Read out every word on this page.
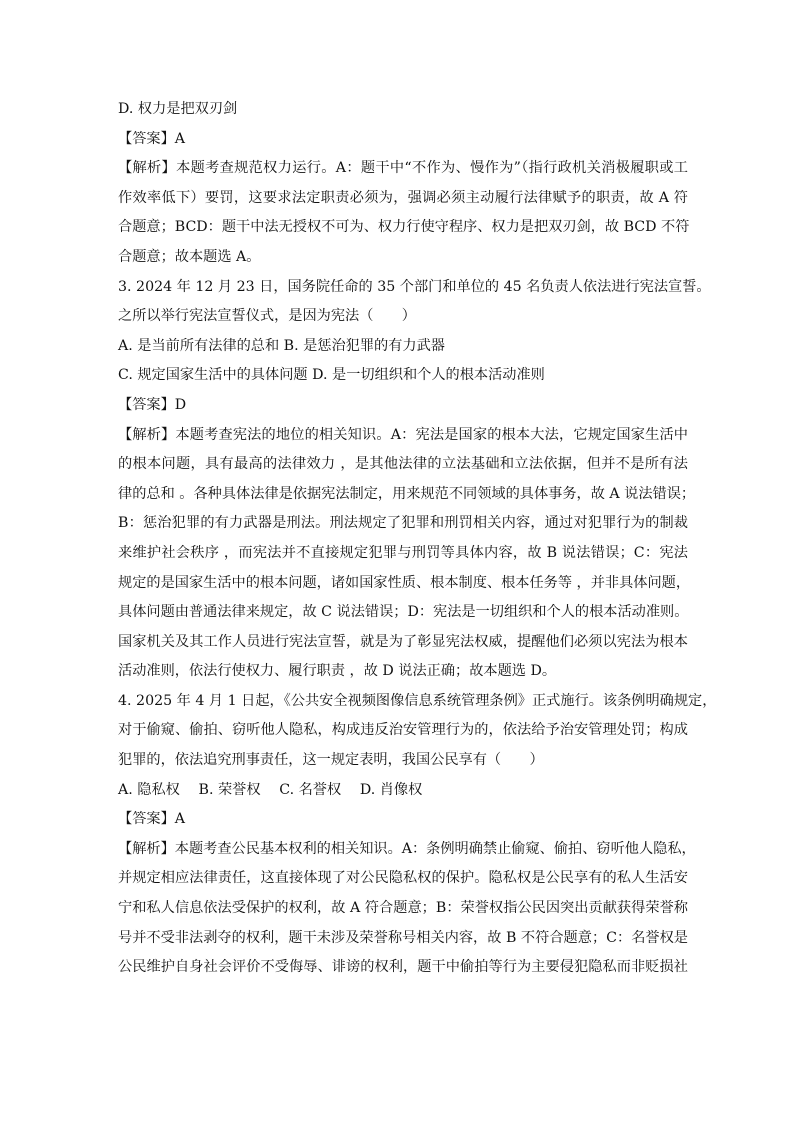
D. 权力是把双刃剑
【答案】A
【解析】本题考查规范权力运行。A：题干中“不作为、慢作为”（指行政机关消极履职或工
作效率低下）要罚，这要求法定职责必须为，强调必须主动履行法律赋予的职责，故 A 符
合题意；BCD：题干中法无授权不可为、权力行使守程序、权力是把双刃剑，故 BCD 不符
合题意；故本题选 A。
3. 2024 年 12 月 23 日，国务院任命的 35 个部门和单位的 45 名负责人依法进行宪法宣誓。
之所以举行宪法宣誓仪式，是因为宪法（　　）
A. 是当前所有法律的总和 B. 是惩治犯罪的有力武器
C. 规定国家生活中的具体问题 D. 是一切组织和个人的根本活动准则
【答案】D
【解析】本题考查宪法的地位的相关知识。A：宪法是国家的根本大法，它规定国家生活中
的根本问题，具有最高的法律效力 ，是其他法律的立法基础和立法依据，但并不是所有法
律的总和 。各种具体法律是依据宪法制定，用来规范不同领域的具体事务，故 A 说法错误；
B：惩治犯罪的有力武器是刑法。刑法规定了犯罪和刑罚相关内容，通过对犯罪行为的制裁
来维护社会秩序 ，而宪法并不直接规定犯罪与刑罚等具体内容，故 B 说法错误；C：宪法
规定的是国家生活中的根本问题，诸如国家性质、根本制度、根本任务等 ，并非具体问题，
具体问题由普通法律来规定，故 C 说法错误；D：宪法是一切组织和个人的根本活动准则。
国家机关及其工作人员进行宪法宣誓，就是为了彰显宪法权威，提醒他们必须以宪法为根本
活动准则，依法行使权力、履行职责 ，故 D 说法正确；故本题选 D。
4. 2025 年 4 月 1 日起，《公共安全视频图像信息系统管理条例》正式施行。该条例明确规定，
对于偷窥、偷拍、窃听他人隐私，构成违反治安管理行为的，依法给予治安管理处罚；构成
犯罪的，依法追究刑事责任，这一规定表明，我国公民享有（　　）
A. 隐私权　 B. 荣誉权　 C. 名誉权　 D. 肖像权
【答案】A
【解析】本题考查公民基本权利的相关知识。A：条例明确禁止偷窥、偷拍、窃听他人隐私，
并规定相应法律责任，这直接体现了对公民隐私权的保护。隐私权是公民享有的私人生活安
宁和私人信息依法受保护的权利，故 A 符合题意；B：荣誉权指公民因突出贡献获得荣誉称
号并不受非法剥夺的权利，题干未涉及荣誉称号相关内容，故 B 不符合题意；C：名誉权是
公民维护自身社会评价不受侮辱、诽谤的权利，题干中偷拍等行为主要侵犯隐私而非贬损社
